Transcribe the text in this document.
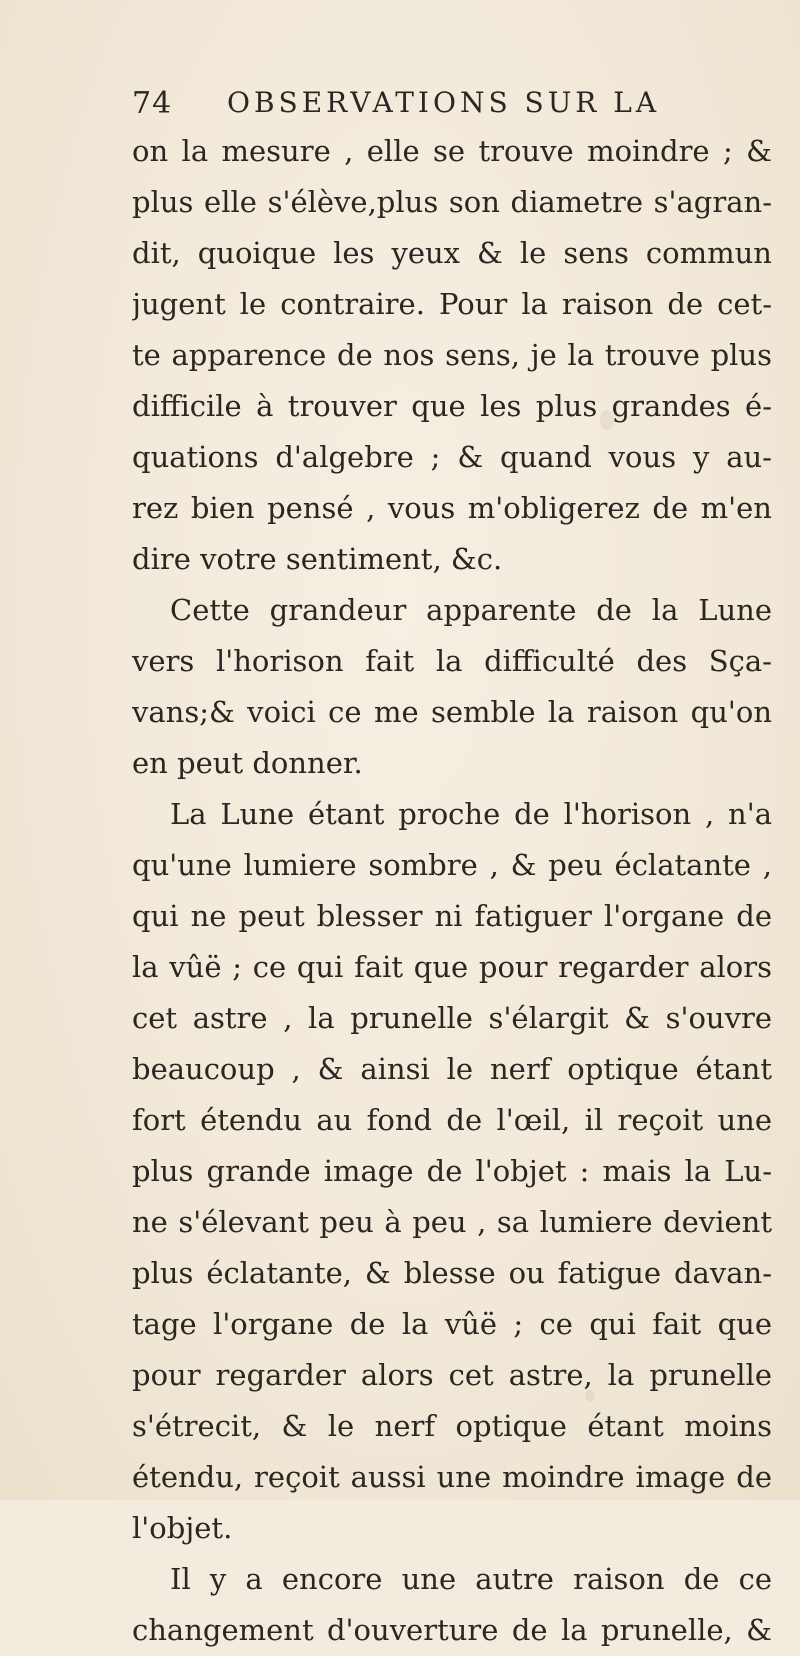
74 OBSERVATIONS SUR LA
on la mesure , elle se trouve moindre ; &
plus elle s'élève,plus son diametre s'agran-
dit, quoique les yeux & le sens commun
jugent le contraire. Pour la raison de cet-
te apparence de nos sens, je la trouve plus
difficile à trouver que les plus grandes é-
quations d'algebre ; & quand vous y au-
rez bien pensé , vous m'obligerez de m'en
dire votre sentiment, &c.
Cette grandeur apparente de la Lune
vers l'horison fait la difficulté des Sça-
vans;& voici ce me semble la raison qu'on
en peut donner.
La Lune étant proche de l'horison , n'a
qu'une lumiere sombre , & peu éclatante ,
qui ne peut blesser ni fatiguer l'organe de
la vûë ; ce qui fait que pour regarder alors
cet astre , la prunelle s'élargit & s'ouvre
beaucoup , & ainsi le nerf optique étant
fort étendu au fond de l'œil, il reçoit une
plus grande image de l'objet : mais la Lu-
ne s'élevant peu à peu , sa lumiere devient
plus éclatante, & blesse ou fatigue davan-
tage l'organe de la vûë ; ce qui fait que
pour regarder alors cet astre, la prunelle
s'étrecit, & le nerf optique étant moins
étendu, reçoit aussi une moindre image de
l'objet.
Il y a encore une autre raison de ce
changement d'ouverture de la prunelle, &
